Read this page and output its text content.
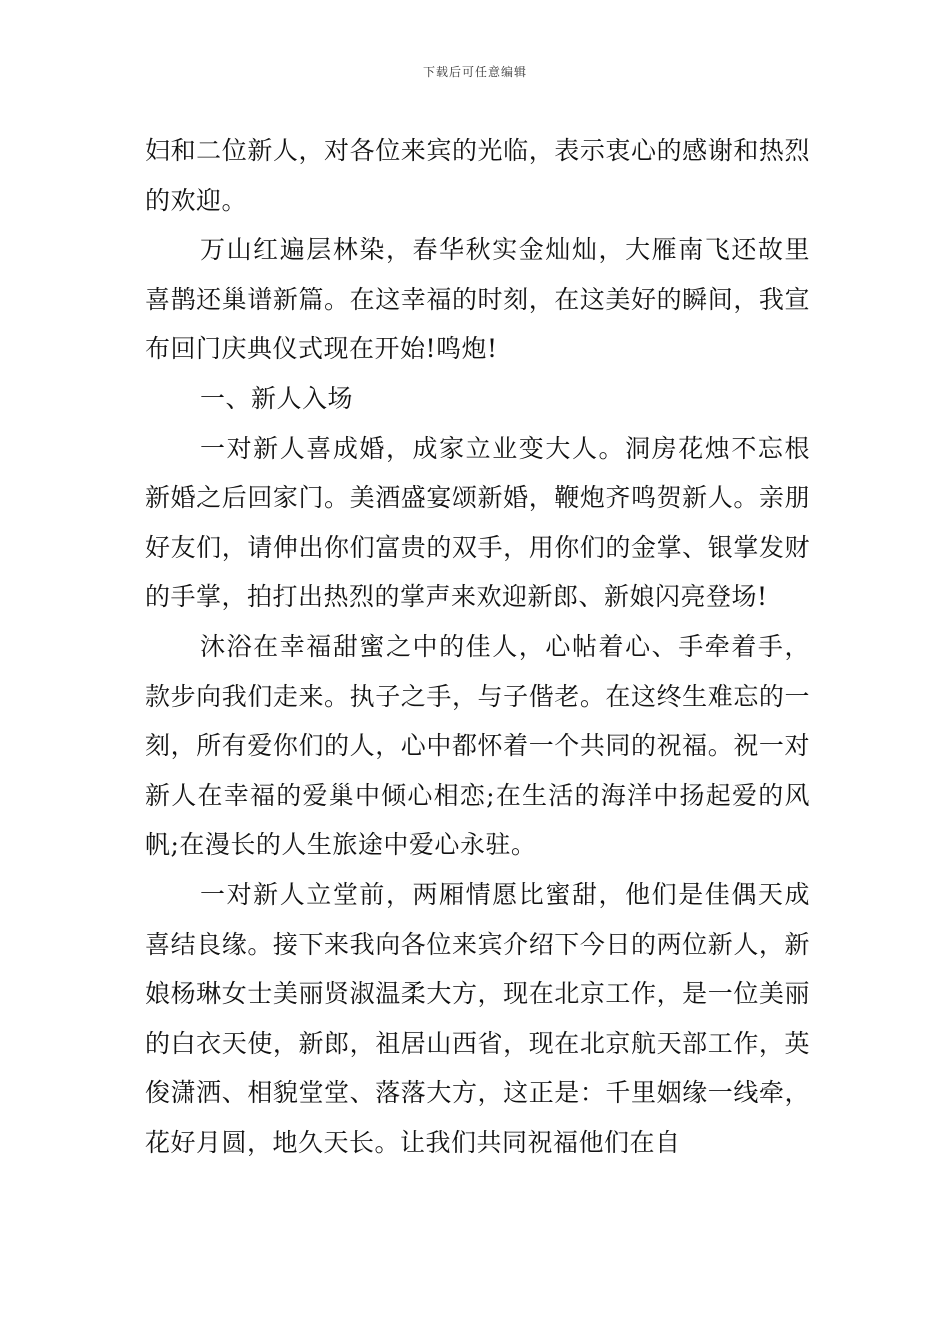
下载后可任意编辑

妇和二位新人，对各位来宾的光临，表示衷心的感谢和热烈的欢迎。

万山红遍层林染，春华秋实金灿灿，大雁南飞还故里喜鹊还巢谱新篇。在这幸福的时刻，在这美好的瞬间，我宣布回门庆典仪式现在开始!鸣炮!

一、新人入场

一对新人喜成婚，成家立业变大人。洞房花烛不忘根新婚之后回家门。美酒盛宴颂新婚，鞭炮齐鸣贺新人。亲朋好友们，请伸出你们富贵的双手，用你们的金掌、银掌发财的手掌，拍打出热烈的掌声来欢迎新郎、新娘闪亮登场!

沐浴在幸福甜蜜之中的佳人，心帖着心、手牵着手，款步向我们走来。执子之手，与子偕老。在这终生难忘的一刻，所有爱你们的人，心中都怀着一个共同的祝福。祝一对新人在幸福的爱巢中倾心相恋;在生活的海洋中扬起爱的风帆;在漫长的人生旅途中爱心永驻。

一对新人立堂前，两厢情愿比蜜甜，他们是佳偶天成喜结良缘。接下来我向各位来宾介绍下今日的两位新人，新娘杨琳女士美丽贤淑温柔大方，现在北京工作，是一位美丽的白衣天使，新郎，祖居山西省，现在北京航天部工作，英俊潇洒、相貌堂堂、落落大方，这正是：千里姻缘一线牵，花好月圆，地久天长。让我们共同祝福他们在自
